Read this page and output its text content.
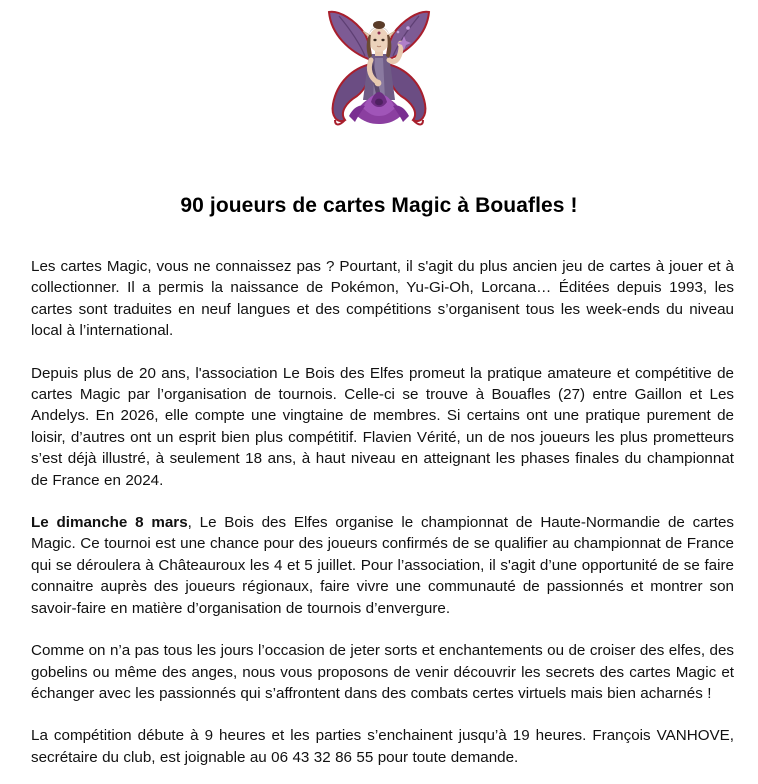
90 joueurs de cartes Magic à Bouafles !

Les cartes Magic, vous ne connaissez pas ? Pourtant, il s'agit du plus ancien jeu de cartes à jouer et à collectionner. Il a permis la naissance de Pokémon, Yu-Gi-Oh, Lorcana… Éditées depuis 1993, les cartes sont traduites en neuf langues et des compétitions s’organisent tous les week-ends du niveau local à l’international.

Depuis plus de 20 ans, l'association Le Bois des Elfes promeut la pratique amateure et compétitive de cartes Magic par l’organisation de tournois. Celle-ci se trouve à Bouafles (27) entre Gaillon et Les Andelys. En 2026, elle compte une vingtaine de membres. Si certains ont une pratique purement de loisir, d’autres ont un esprit bien plus compétitif. Flavien Vérité, un de nos joueurs les plus prometteurs s’est déjà illustré, à seulement 18 ans, à haut niveau en atteignant les phases finales du championnat de France en 2024.

Le dimanche 8 mars, Le Bois des Elfes organise le championnat de Haute-Normandie de cartes Magic. Ce tournoi est une chance pour des joueurs confirmés de se qualifier au championnat de France qui se déroulera à Châteauroux les 4 et 5 juillet. Pour l’association, il s'agit d’une opportunité de se faire connaitre auprès des joueurs régionaux, faire vivre une communauté de passionnés et montrer son savoir-faire en matière d’organisation de tournois d’envergure.

Comme on n’a pas tous les jours l’occasion de jeter sorts et enchantements ou de croiser des elfes, des gobelins ou même des anges, nous vous proposons de venir découvrir les secrets des cartes Magic et échanger avec les passionnés qui s’affrontent dans des combats certes virtuels mais bien acharnés !

La compétition débute à 9 heures et les parties s’enchainent jusqu’à 19 heures. François VANHOVE, secrétaire du club, est joignable au 06 43 32 86 55 pour toute demande.
